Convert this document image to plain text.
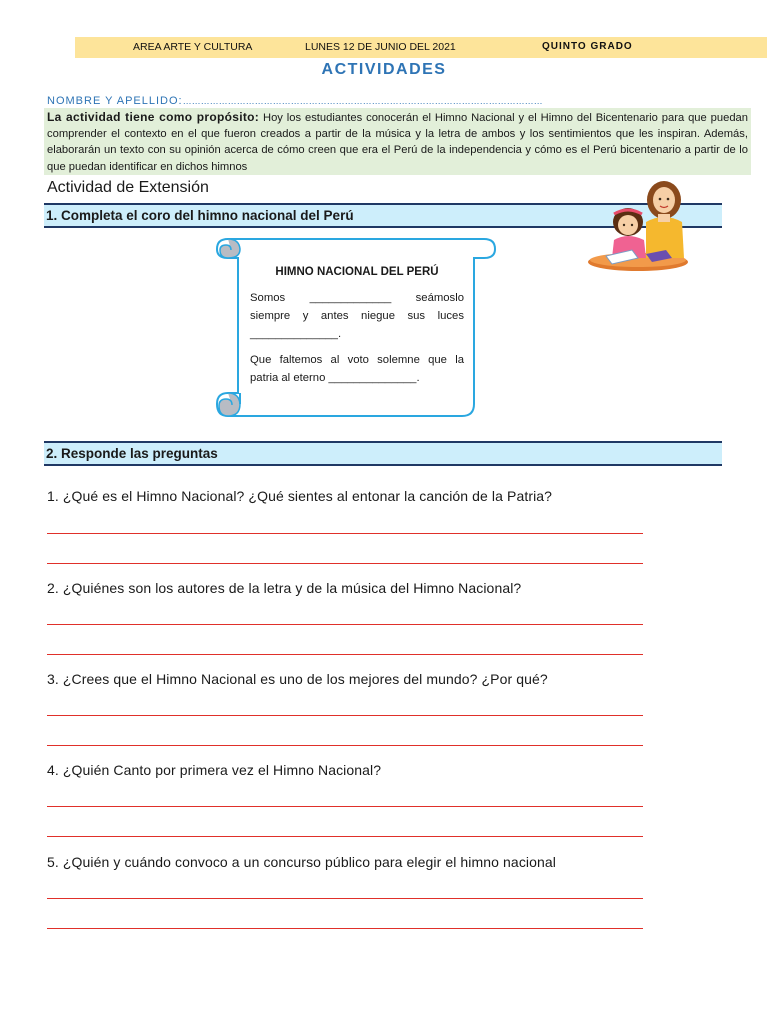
AREA ARTE Y CULTURA	LUNES 12 DE JUNIO DEL 2021	QUINTO GRADO
ACTIVIDADES
NOMBRE Y APELLIDO:…………………………………………………………………………………………………………
La actividad tiene como propósito: Hoy los estudiantes conocerán el Himno Nacional y el Himno del Bicentenario para que puedan comprender el contexto en el que fueron creados a partir de la música y la letra de ambos y los sentimientos que les inspiran. Además, elaborarán un texto con su opinión acerca de cómo creen que era el Perú de la independencia y cómo es el Perú bicentenario a partir de lo que puedan identificar en dichos himnos
Actividad de Extensión
1. Completa el coro del himno nacional del Perú
HIMNO NACIONAL DEL PERÚ

Somos _____________ seámoslo siempre y antes niegue sus luces ______________.

Que faltemos al voto solemne que la patria al eterno ______________.

2. Responde las preguntas
1. ¿Qué es el Himno Nacional? ¿Qué sientes al entonar la canción de la Patria?
2. ¿Quiénes son los autores de la letra y de la música del Himno Nacional?
3. ¿Crees que el Himno Nacional es uno de los mejores del mundo? ¿Por qué?
4. ¿Quién Canto por primera vez el Himno Nacional?
5. ¿Quién y cuándo convoco a un concurso público para elegir el himno nacional
